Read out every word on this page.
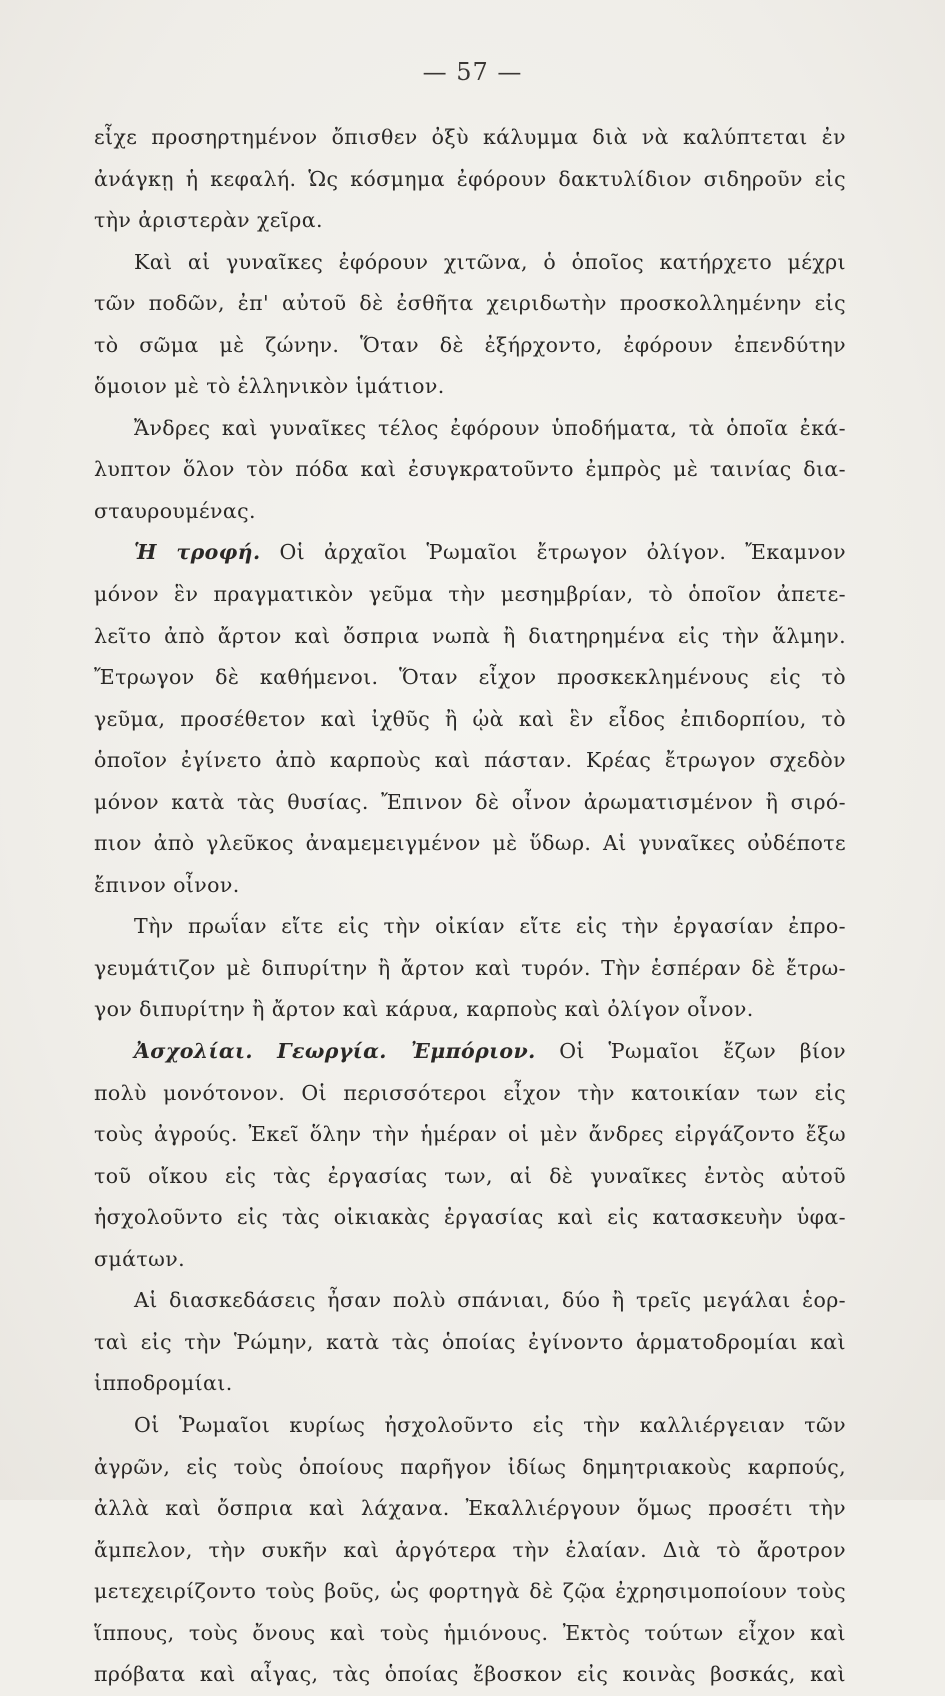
— 57 —
εἶχε προσηρτημένον ὄπισθεν ὀξὺ κάλυμμα διὰ νὰ καλύπτεται ἐν
ἀνάγκῃ ἡ κεφαλή. Ὡς κόσμημα ἐφόρουν δακτυλίδιον σιδηροῦν εἰς
τὴν ἀριστερὰν χεῖρα.
Καὶ αἱ γυναῖκες ἐφόρουν χιτῶνα, ὁ ὁποῖος κατήρχετο μέχρι
τῶν ποδῶν, ἐπ' αὐτοῦ δὲ ἐσθῆτα χειριδωτὴν προσκολλημένην εἰς
τὸ σῶμα μὲ ζώνην. Ὅταν δὲ ἐξήρχοντο, ἐφόρουν ἐπενδύτην
ὅμοιον μὲ τὸ ἑλληνικὸν ἱμάτιον.
Ἄνδρες καὶ γυναῖκες τέλος ἐφόρουν ὑποδήματα, τὰ ὁποῖα ἐκά-
λυπτον ὅλον τὸν πόδα καὶ ἐσυγκρατοῦντο ἐμπρὸς μὲ ταινίας δια-
σταυρουμένας.
Ἡ τροφή. Οἱ ἀρχαῖοι Ῥωμαῖοι ἔτρωγον ὀλίγον. Ἔκαμνον
μόνον ἓν πραγματικὸν γεῦμα τὴν μεσημβρίαν, τὸ ὁποῖον ἀπετε-
λεῖτο ἀπὸ ἄρτον καὶ ὄσπρια νωπὰ ἢ διατηρημένα εἰς τὴν ἅλμην.
Ἔτρωγον δὲ καθήμενοι. Ὅταν εἶχον προσκεκλημένους εἰς τὸ
γεῦμα, προσέθετον καὶ ἰχθῦς ἢ ᾠὰ καὶ ἓν εἶδος ἐπιδορπίου, τὸ
ὁποῖον ἐγίνετο ἀπὸ καρποὺς καὶ πάσταν. Κρέας ἔτρωγον σχεδὸν
μόνον κατὰ τὰς θυσίας. Ἔπινον δὲ οἶνον ἀρωματισμένον ἢ σιρό-
πιον ἀπὸ γλεῦκος ἀναμεμειγμένον μὲ ὕδωρ. Αἱ γυναῖκες οὐδέποτε
ἔπινον οἶνον.
Τὴν πρωΐαν εἴτε εἰς τὴν οἰκίαν εἴτε εἰς τὴν ἐργασίαν ἐπρο-
γευμάτιζον μὲ διπυρίτην ἢ ἄρτον καὶ τυρόν. Τὴν ἑσπέραν δὲ ἔτρω-
γον διπυρίτην ἢ ἄρτον καὶ κάρυα, καρποὺς καὶ ὀλίγον οἶνον.
Ἀσχολίαι. Γεωργία. Ἐμπόριον. Οἱ Ῥωμαῖοι ἔζων βίον
πολὺ μονότονον. Οἱ περισσότεροι εἶχον τὴν κατοικίαν των εἰς
τοὺς ἀγρούς. Ἐκεῖ ὅλην τὴν ἡμέραν οἱ μὲν ἄνδρες εἰργάζοντο ἔξω
τοῦ οἴκου εἰς τὰς ἐργασίας των, αἱ δὲ γυναῖκες ἐντὸς αὐτοῦ
ἠσχολοῦντο εἰς τὰς οἰκιακὰς ἐργασίας καὶ εἰς κατασκευὴν ὑφα-
σμάτων.
Αἱ διασκεδάσεις ἦσαν πολὺ σπάνιαι, δύο ἢ τρεῖς μεγάλαι ἑορ-
ταὶ εἰς τὴν Ῥώμην, κατὰ τὰς ὁποίας ἐγίνοντο ἁρματοδρομίαι καὶ
ἱπποδρομίαι.
Οἱ Ῥωμαῖοι κυρίως ἠσχολοῦντο εἰς τὴν καλλιέργειαν τῶν
ἀγρῶν, εἰς τοὺς ὁποίους παρῆγον ἰδίως δημητριακοὺς καρπούς,
ἀλλὰ καὶ ὄσπρια καὶ λάχανα. Ἐκαλλιέργουν ὅμως προσέτι τὴν
ἄμπελον, τὴν συκῆν καὶ ἀργότερα τὴν ἐλαίαν. Διὰ τὸ ἄροτρον
μετεχειρίζοντο τοὺς βοῦς, ὡς φορτηγὰ δὲ ζῷα ἐχρησιμοποίουν τοὺς
ἵππους, τοὺς ὄνους καὶ τοὺς ἡμιόνους. Ἐκτὸς τούτων εἶχον καὶ
πρόβατα καὶ αἶγας, τὰς ὁποίας ἔβοσκον εἰς κοινὰς βοσκάς, καὶ
